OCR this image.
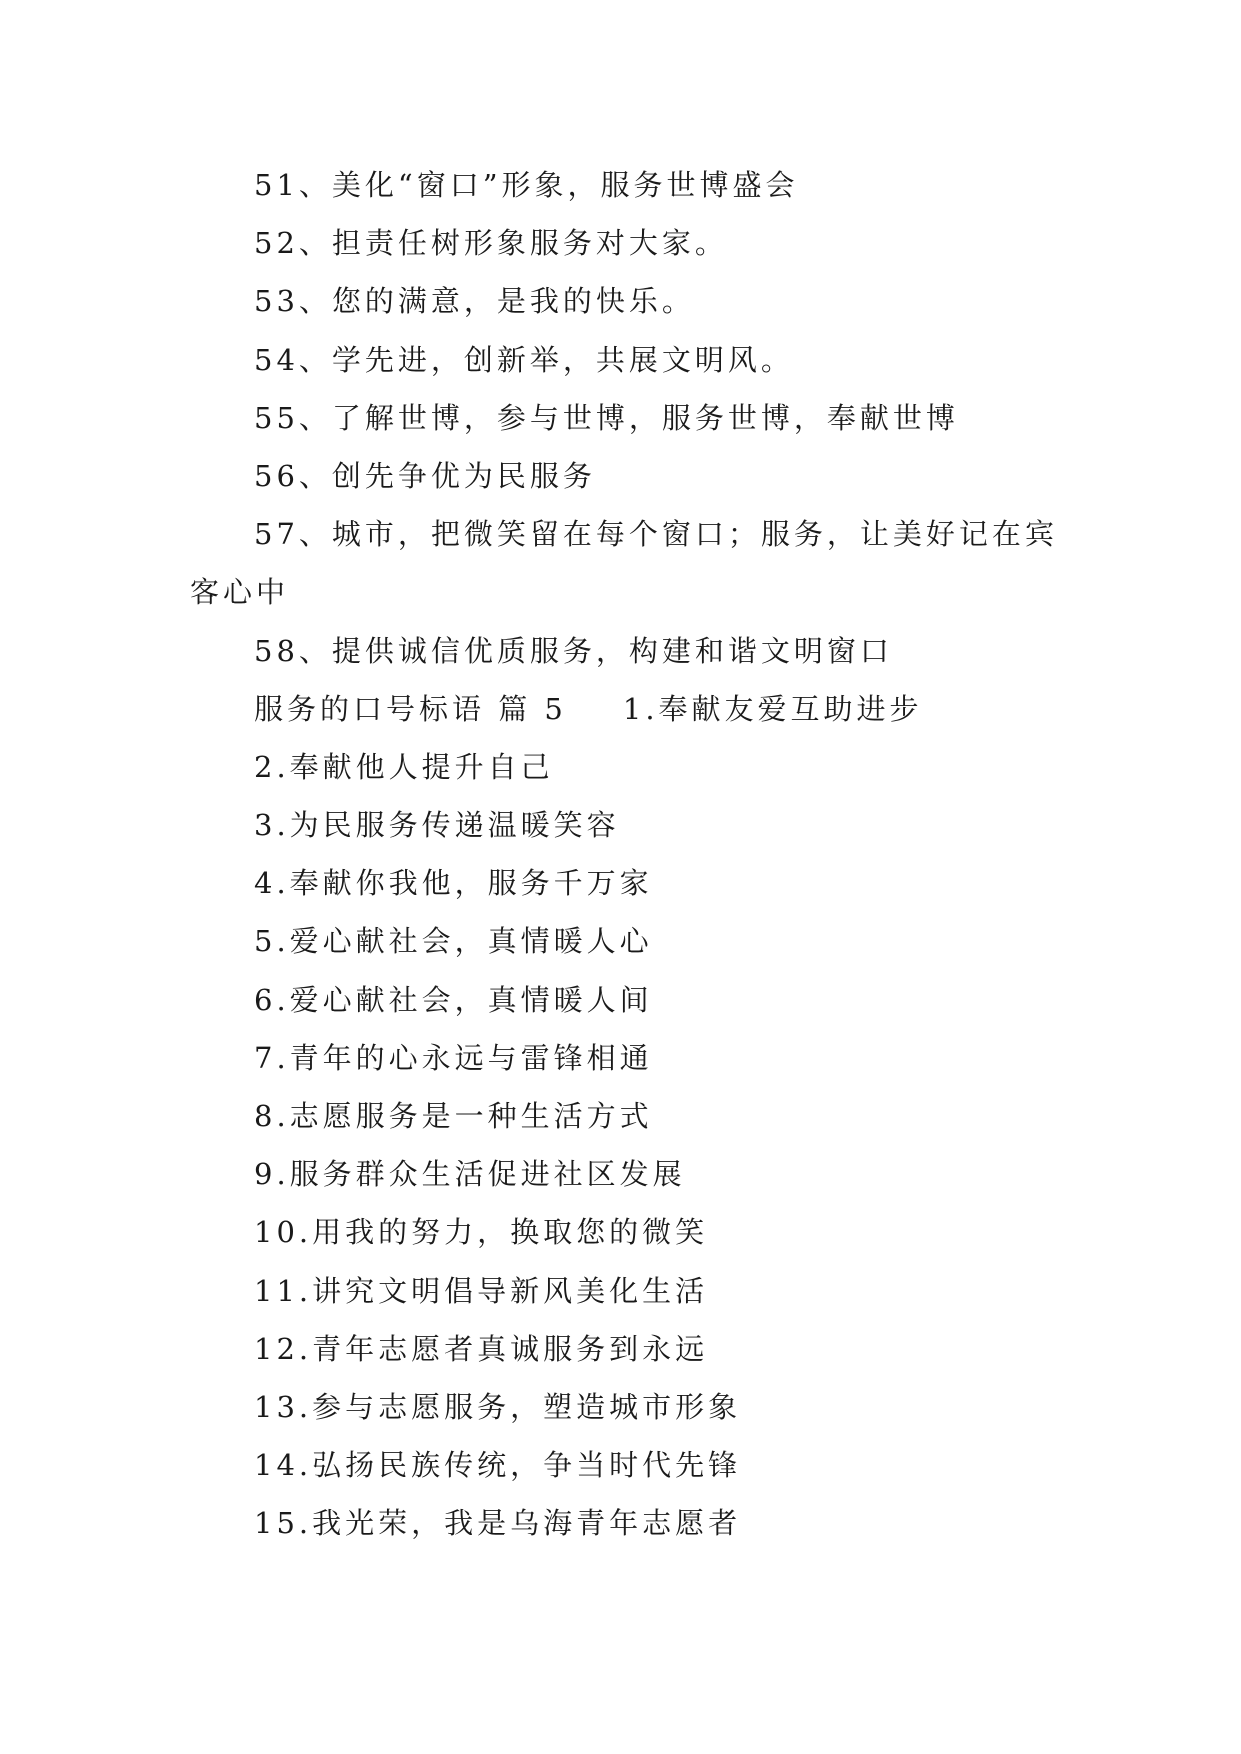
51、美化“窗口”形象，服务世博盛会
52、担责任树形象服务对大家。
53、您的满意，是我的快乐。
54、学先进，创新举，共展文明风。
55、了解世博，参与世博，服务世博，奉献世博
56、创先争优为民服务
57、城市，把微笑留在每个窗口；服务，让美好记在宾
客心中
58、提供诚信优质服务，构建和谐文明窗口
服务的口号标语 篇 5 1.奉献友爱互助进步
2.奉献他人提升自己
3.为民服务传递温暖笑容
4.奉献你我他，服务千万家
5.爱心献社会，真情暖人心
6.爱心献社会，真情暖人间
7.青年的心永远与雷锋相通
8.志愿服务是一种生活方式
9.服务群众生活促进社区发展
10.用我的努力，换取您的微笑
11.讲究文明倡导新风美化生活
12.青年志愿者真诚服务到永远
13.参与志愿服务，塑造城市形象
14.弘扬民族传统，争当时代先锋
15.我光荣，我是乌海青年志愿者
